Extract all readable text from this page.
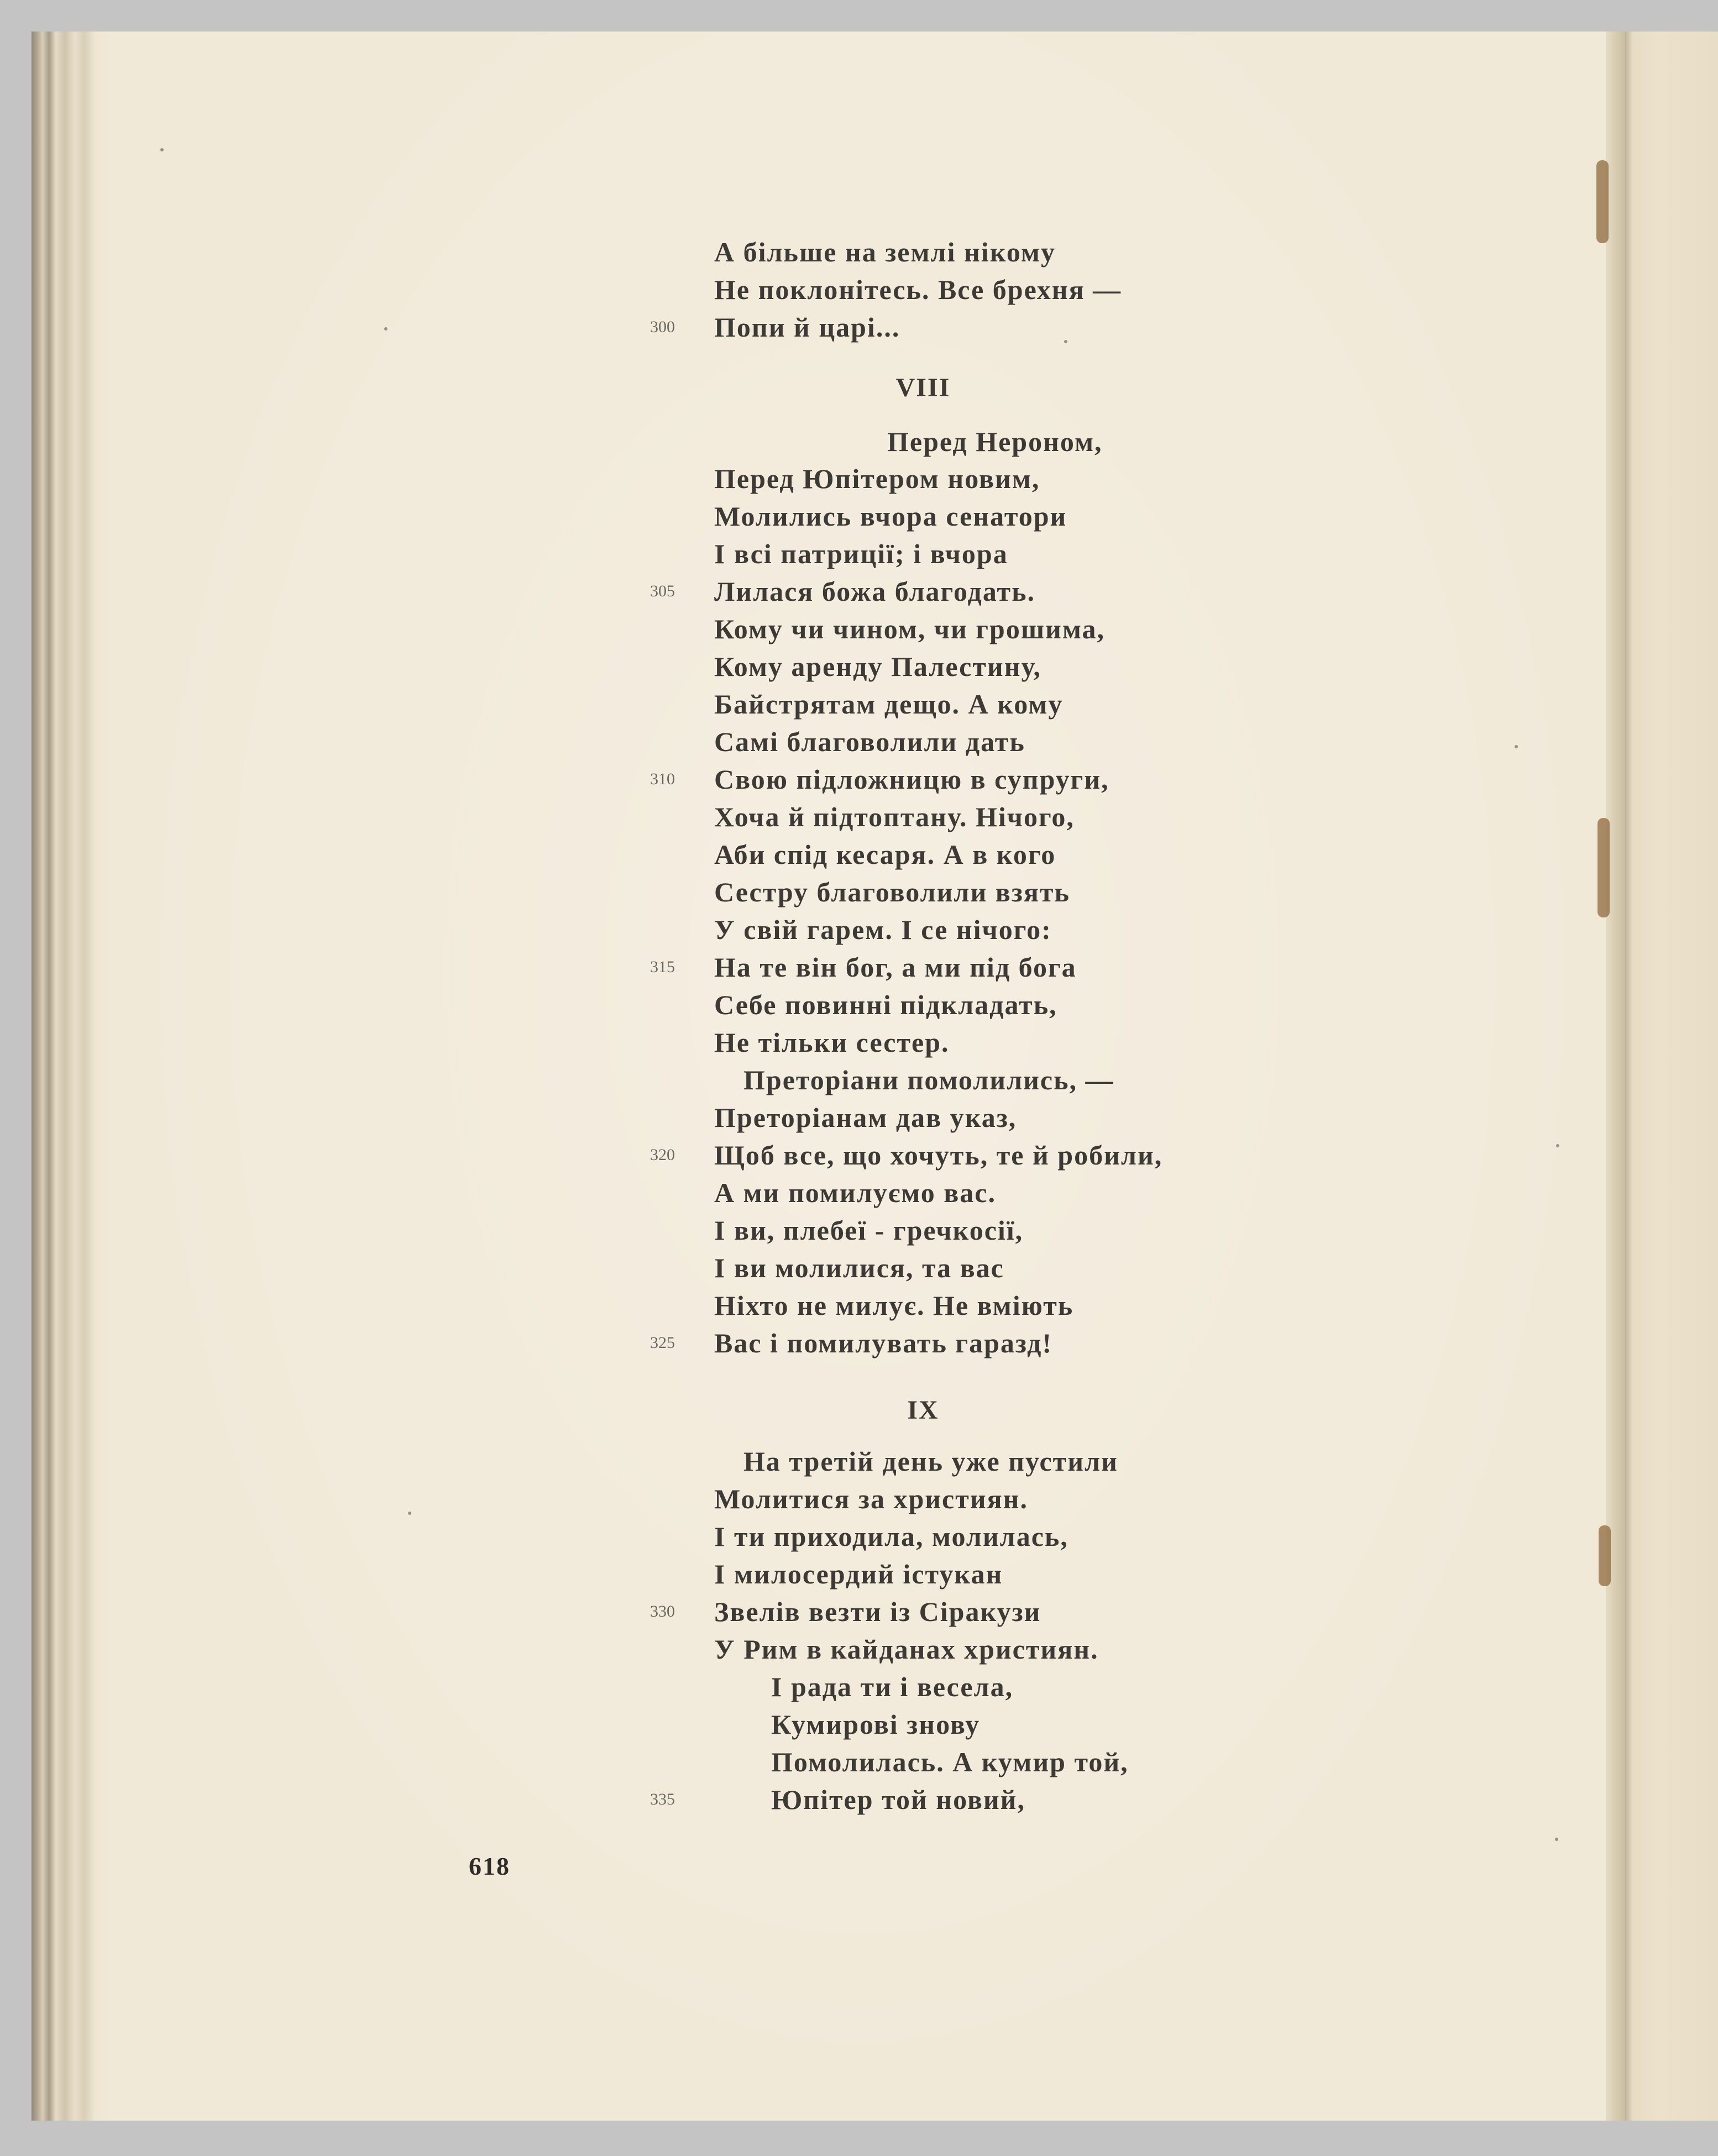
А більше на землі нікому
Не поклонітесь. Все брехня —
300 Попи й царі...
VIII
Перед Нероном,
Перед Юпітером новим,
Молились вчора сенатори
І всі патриції; і вчора
305 Лилася божа благодать.
Кому чи чином, чи грошима,
Кому аренду Палестину,
Байстрятам дещо. А кому
Самі благоволили дать
310 Свою підложницю в супруги,
Хоча й підтоптану. Нічого,
Аби спід кесаря. А в кого
Сестру благоволили взять
У свій гарем. І се нічого:
315 На те він бог, а ми під бога
Себе повинні підкладать,
Не тільки сестер.
Преторіани помолились, —
Преторіанам дав указ,
320 Щоб все, що хочуть, те й робили,
А ми помилуємо вас.
І ви, плебеї - гречкосії,
І ви молилися, та вас
Ніхто не милує. Не вміють
325 Вас і помилувать гаразд!
IX
На третій день уже пустили
Молитися за християн.
І ти приходила, молилась,
І милосердий істукан
330 Звелів везти із Сіракузи
У Рим в кайданах християн.
І рада ти і весела,
Кумирові знову
Помолилась. А кумир той,
335	Юпітер той новий,
618
